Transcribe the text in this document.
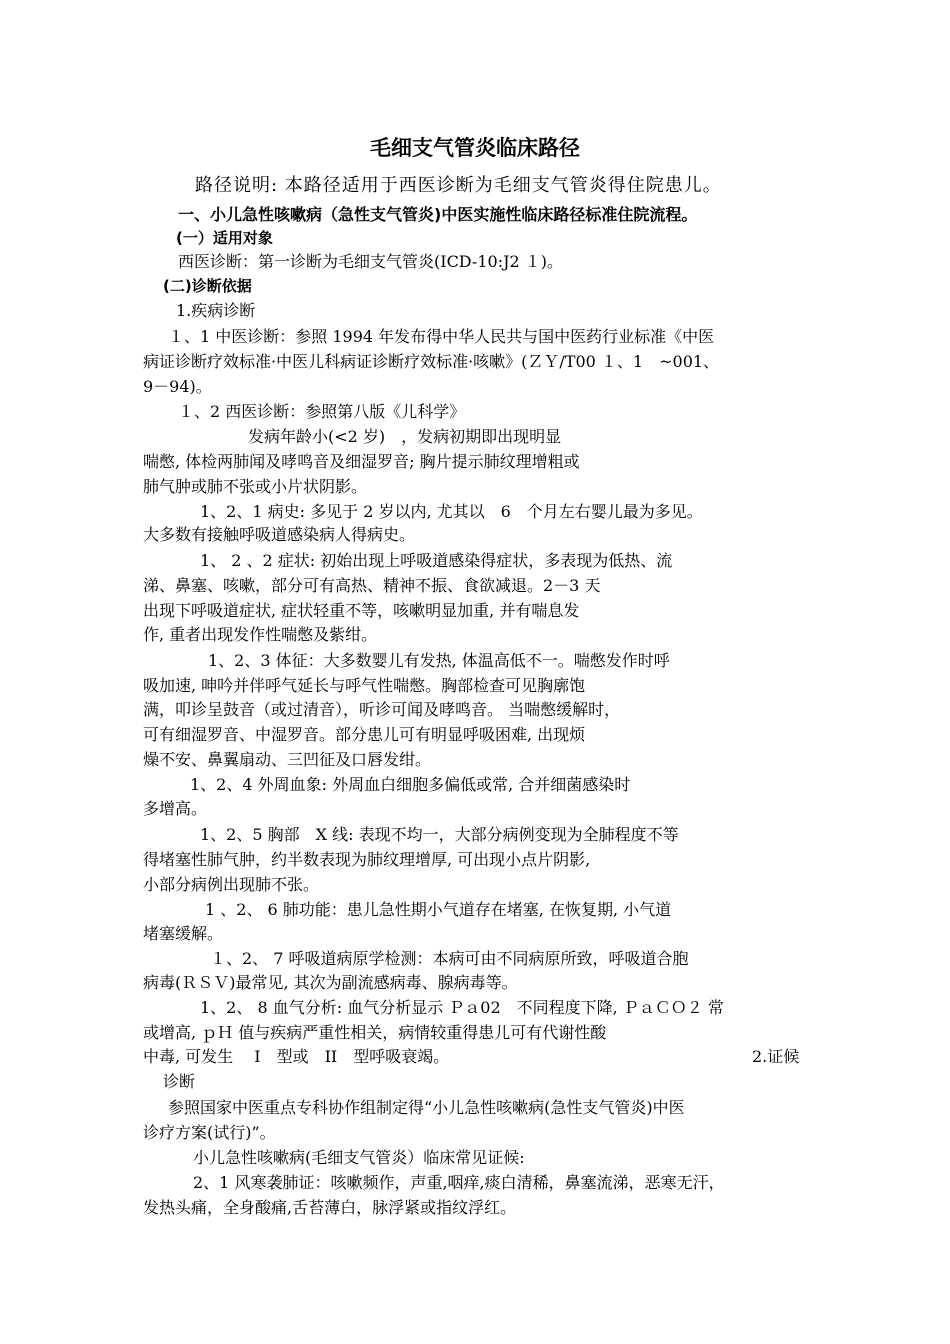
毛细支气管炎临床路径
路径说明: 本路径适用于西医诊断为毛细支气管炎得住院患儿。
一、小儿急性咳嗽病（急性支气管炎)中医实施性临床路径标准住院流程。
(一）适用对象
西医诊断：第一诊断为毛细支气管炎(ICD-10:J2 １)。
(二)诊断依据
1.疾病诊断
１、1 中医诊断：参照 1994 年发布得中华人民共与国中医药行业标准《中医
病证诊断疗效标准·中医儿科病证诊断疗效标准·咳嗽》(ＺＹ/T00 １、1　~001、
9－94)。
１、2 西医诊断：参照第八版《儿科学》
发病年龄小(<2 岁)　，发病初期即出现明显
喘憋, 体检两肺闻及哮鸣音及细湿罗音; 胸片提示肺纹理增粗或
肺气肿或肺不张或小片状阴影。
1、2、1 病史: 多见于 2 岁以内, 尤其以　6　个月左右婴儿最为多见。
大多数有接触呼吸道感染病人得病史。
1、 2 、2 症状: 初始出现上呼吸道感染得症状，多表现为低热、流
涕、鼻塞、咳嗽，部分可有高热、精神不振、食欲减退。2－3 天
出现下呼吸道症状, 症状轻重不等，咳嗽明显加重, 并有喘息发
作, 重者出现发作性喘憋及紫绀。
1、2、3 体征：大多数婴儿有发热, 体温高低不一。喘憋发作时呼
吸加速, 呻吟并伴呼气延长与呼气性喘憋。胸部检查可见胸廓饱
满，叩诊呈鼓音（或过清音），听诊可闻及哮鸣音。 当喘憋缓解时，
可有细湿罗音、中湿罗音。部分患儿可有明显呼吸困难, 出现烦
燥不安、鼻翼扇动、三凹征及口唇发绀。
1、2、4 外周血象: 外周血白细胞多偏低或常, 合并细菌感染时
多增高。
1、2、5 胸部　X 线: 表现不均一，大部分病例变现为全肺程度不等
得堵塞性肺气肿，约半数表现为肺纹理增厚, 可出现小点片阴影,
小部分病例出现肺不张。
1 、2、 6 肺功能：患儿急性期小气道存在堵塞, 在恢复期, 小气道
堵塞缓解。
１、2、 7 呼吸道病原学检测：本病可由不同病原所致，呼吸道合胞
病毒(ＲＳＶ)最常见, 其次为副流感病毒、腺病毒等。
1、2、 8 血气分析: 血气分析显示 Ｐａ02　不同程度下降, ＰａＣＯ２ 常
或增高, ｐＨ 值与疾病严重性相关，病情较重得患儿可有代谢性酸
中毒, 可发生　 I　型或　II　型呼吸衰竭。	2.证候
诊断
参照国家中医重点专科协作组制定得“小儿急性咳嗽病(急性支气管炎)中医
诊疗方案(试行)”。
小儿急性咳嗽病(毛细支气管炎）临床常见证候:
2、1 风寒袭肺证：咳嗽频作，声重,咽痒,痰白清稀，鼻塞流涕，恶寒无汗，
发热头痛，全身酸痛,舌苔薄白，脉浮紧或指纹浮红。
